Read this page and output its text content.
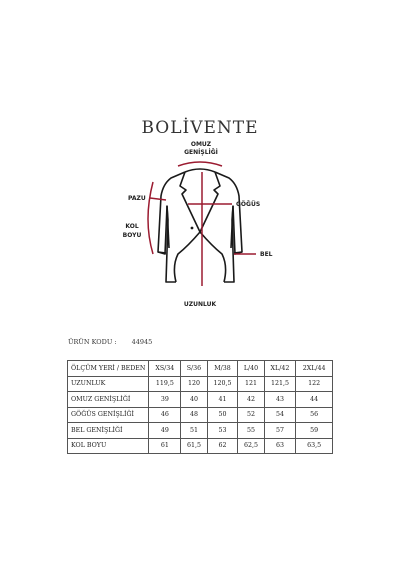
BOLİVENTE
OMUZ
GENİŞLİĞİ
PAZU
GÖĞÜS
KOL
BOYU
BEL
UZUNLUK
ÜRÜN KODU : 44945
ÖLÇÜM YERİ / BEDEN	XS/34	S/36	M/38	L/40	XL/42	2XL/44
UZUNLUK	119,5	120	120,5	121	121,5	122
OMUZ GENİŞLİĞİ	39	40	41	42	43	44
GÖĞÜS GENİŞLİĞİ	46	48	50	52	54	56
BEL GENİŞLİĞİ	49	51	53	55	57	59
KOL BOYU	61	61,5	62	62,5	63	63,5
